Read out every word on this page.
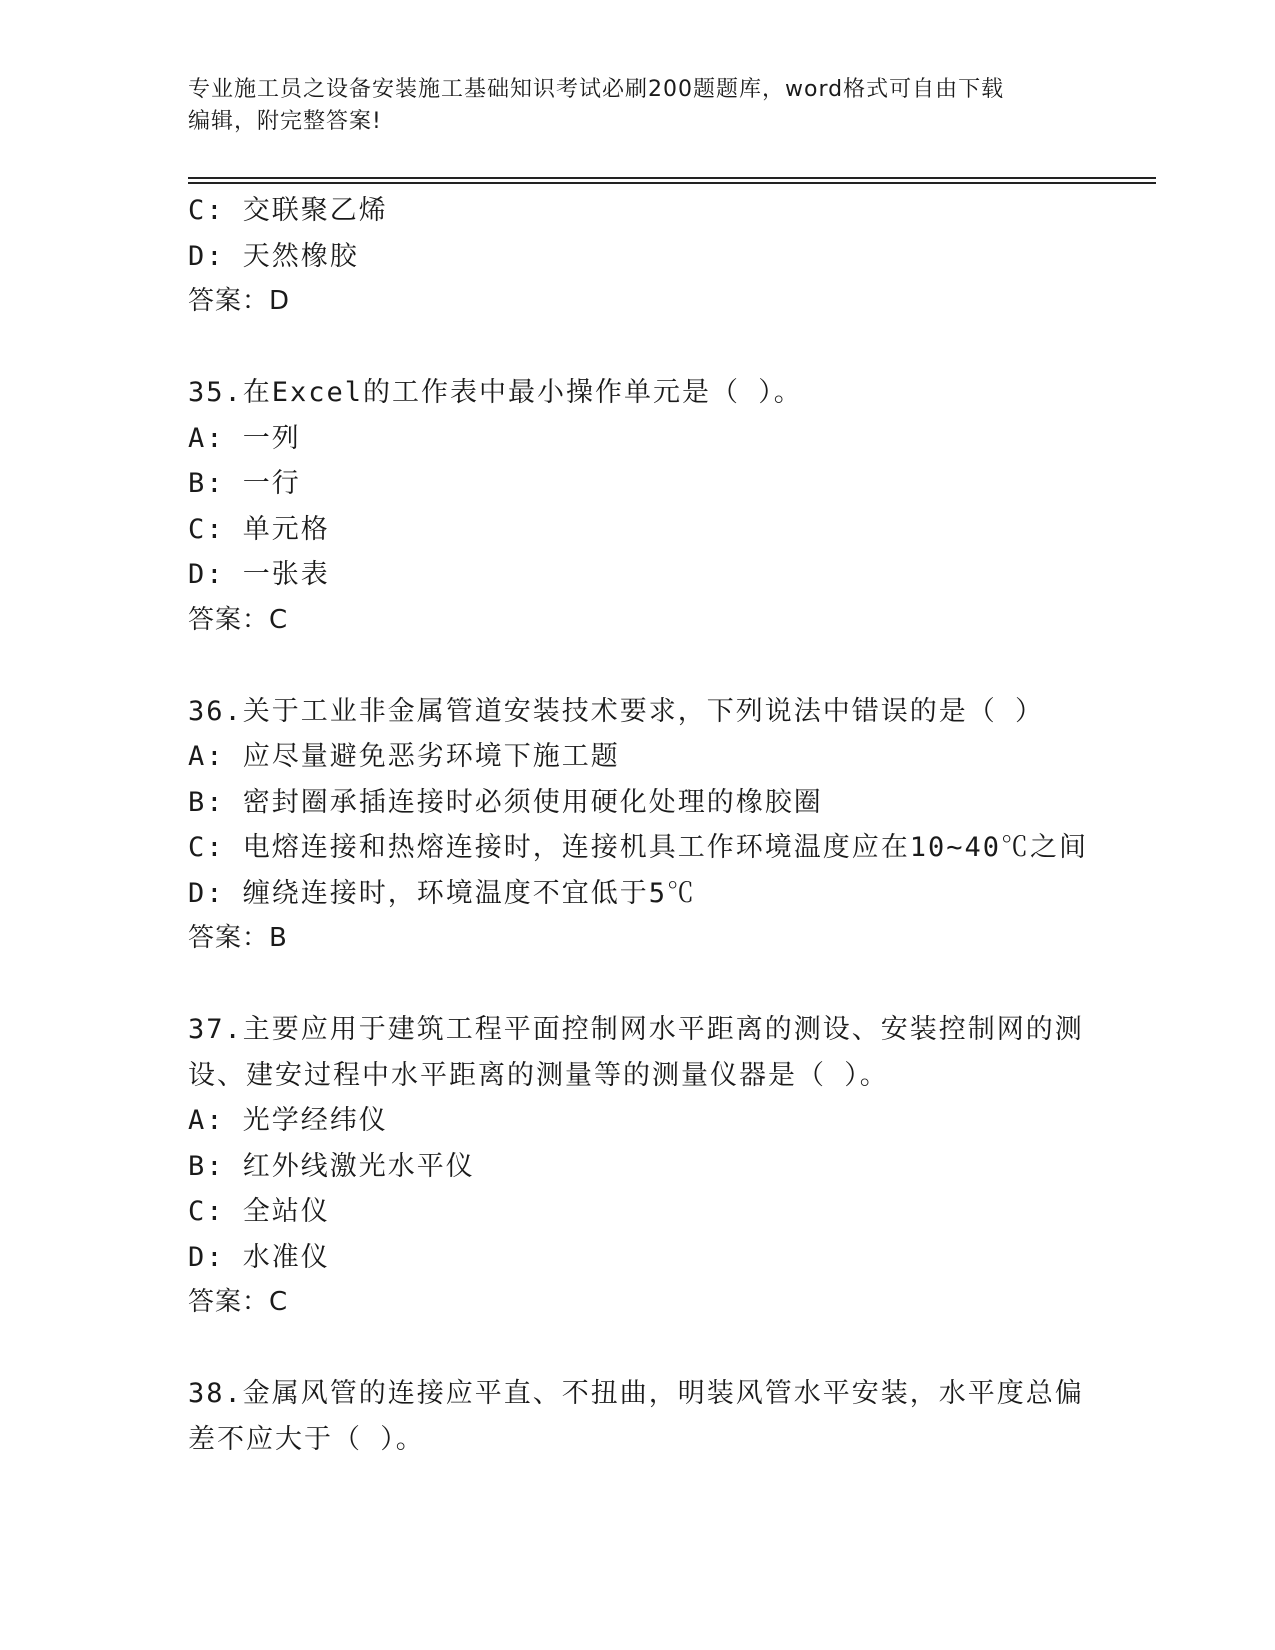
专业施工员之设备安装施工基础知识考试必刷200题题库，word格式可自由下载
编辑，附完整答案!
C: 交联聚乙烯
D: 天然橡胶
答案：D
35.在Excel的工作表中最小操作单元是（ ）。
A: 一列
B: 一行
C: 单元格
D: 一张表
答案：C
36.关于工业非金属管道安装技术要求，下列说法中错误的是（ ）
A: 应尽量避免恶劣环境下施工题
B: 密封圈承插连接时必须使用硬化处理的橡胶圈
C: 电熔连接和热熔连接时，连接机具工作环境温度应在10~40℃之间
D: 缠绕连接时，环境温度不宜低于5℃
答案：B
37.主要应用于建筑工程平面控制网水平距离的测设、安装控制网的测
设、建安过程中水平距离的测量等的测量仪器是（ ）。
A: 光学经纬仪
B: 红外线激光水平仪
C: 全站仪
D: 水准仪
答案：C
38.金属风管的连接应平直、不扭曲，明装风管水平安装，水平度总偏
差不应大于（ ）。
